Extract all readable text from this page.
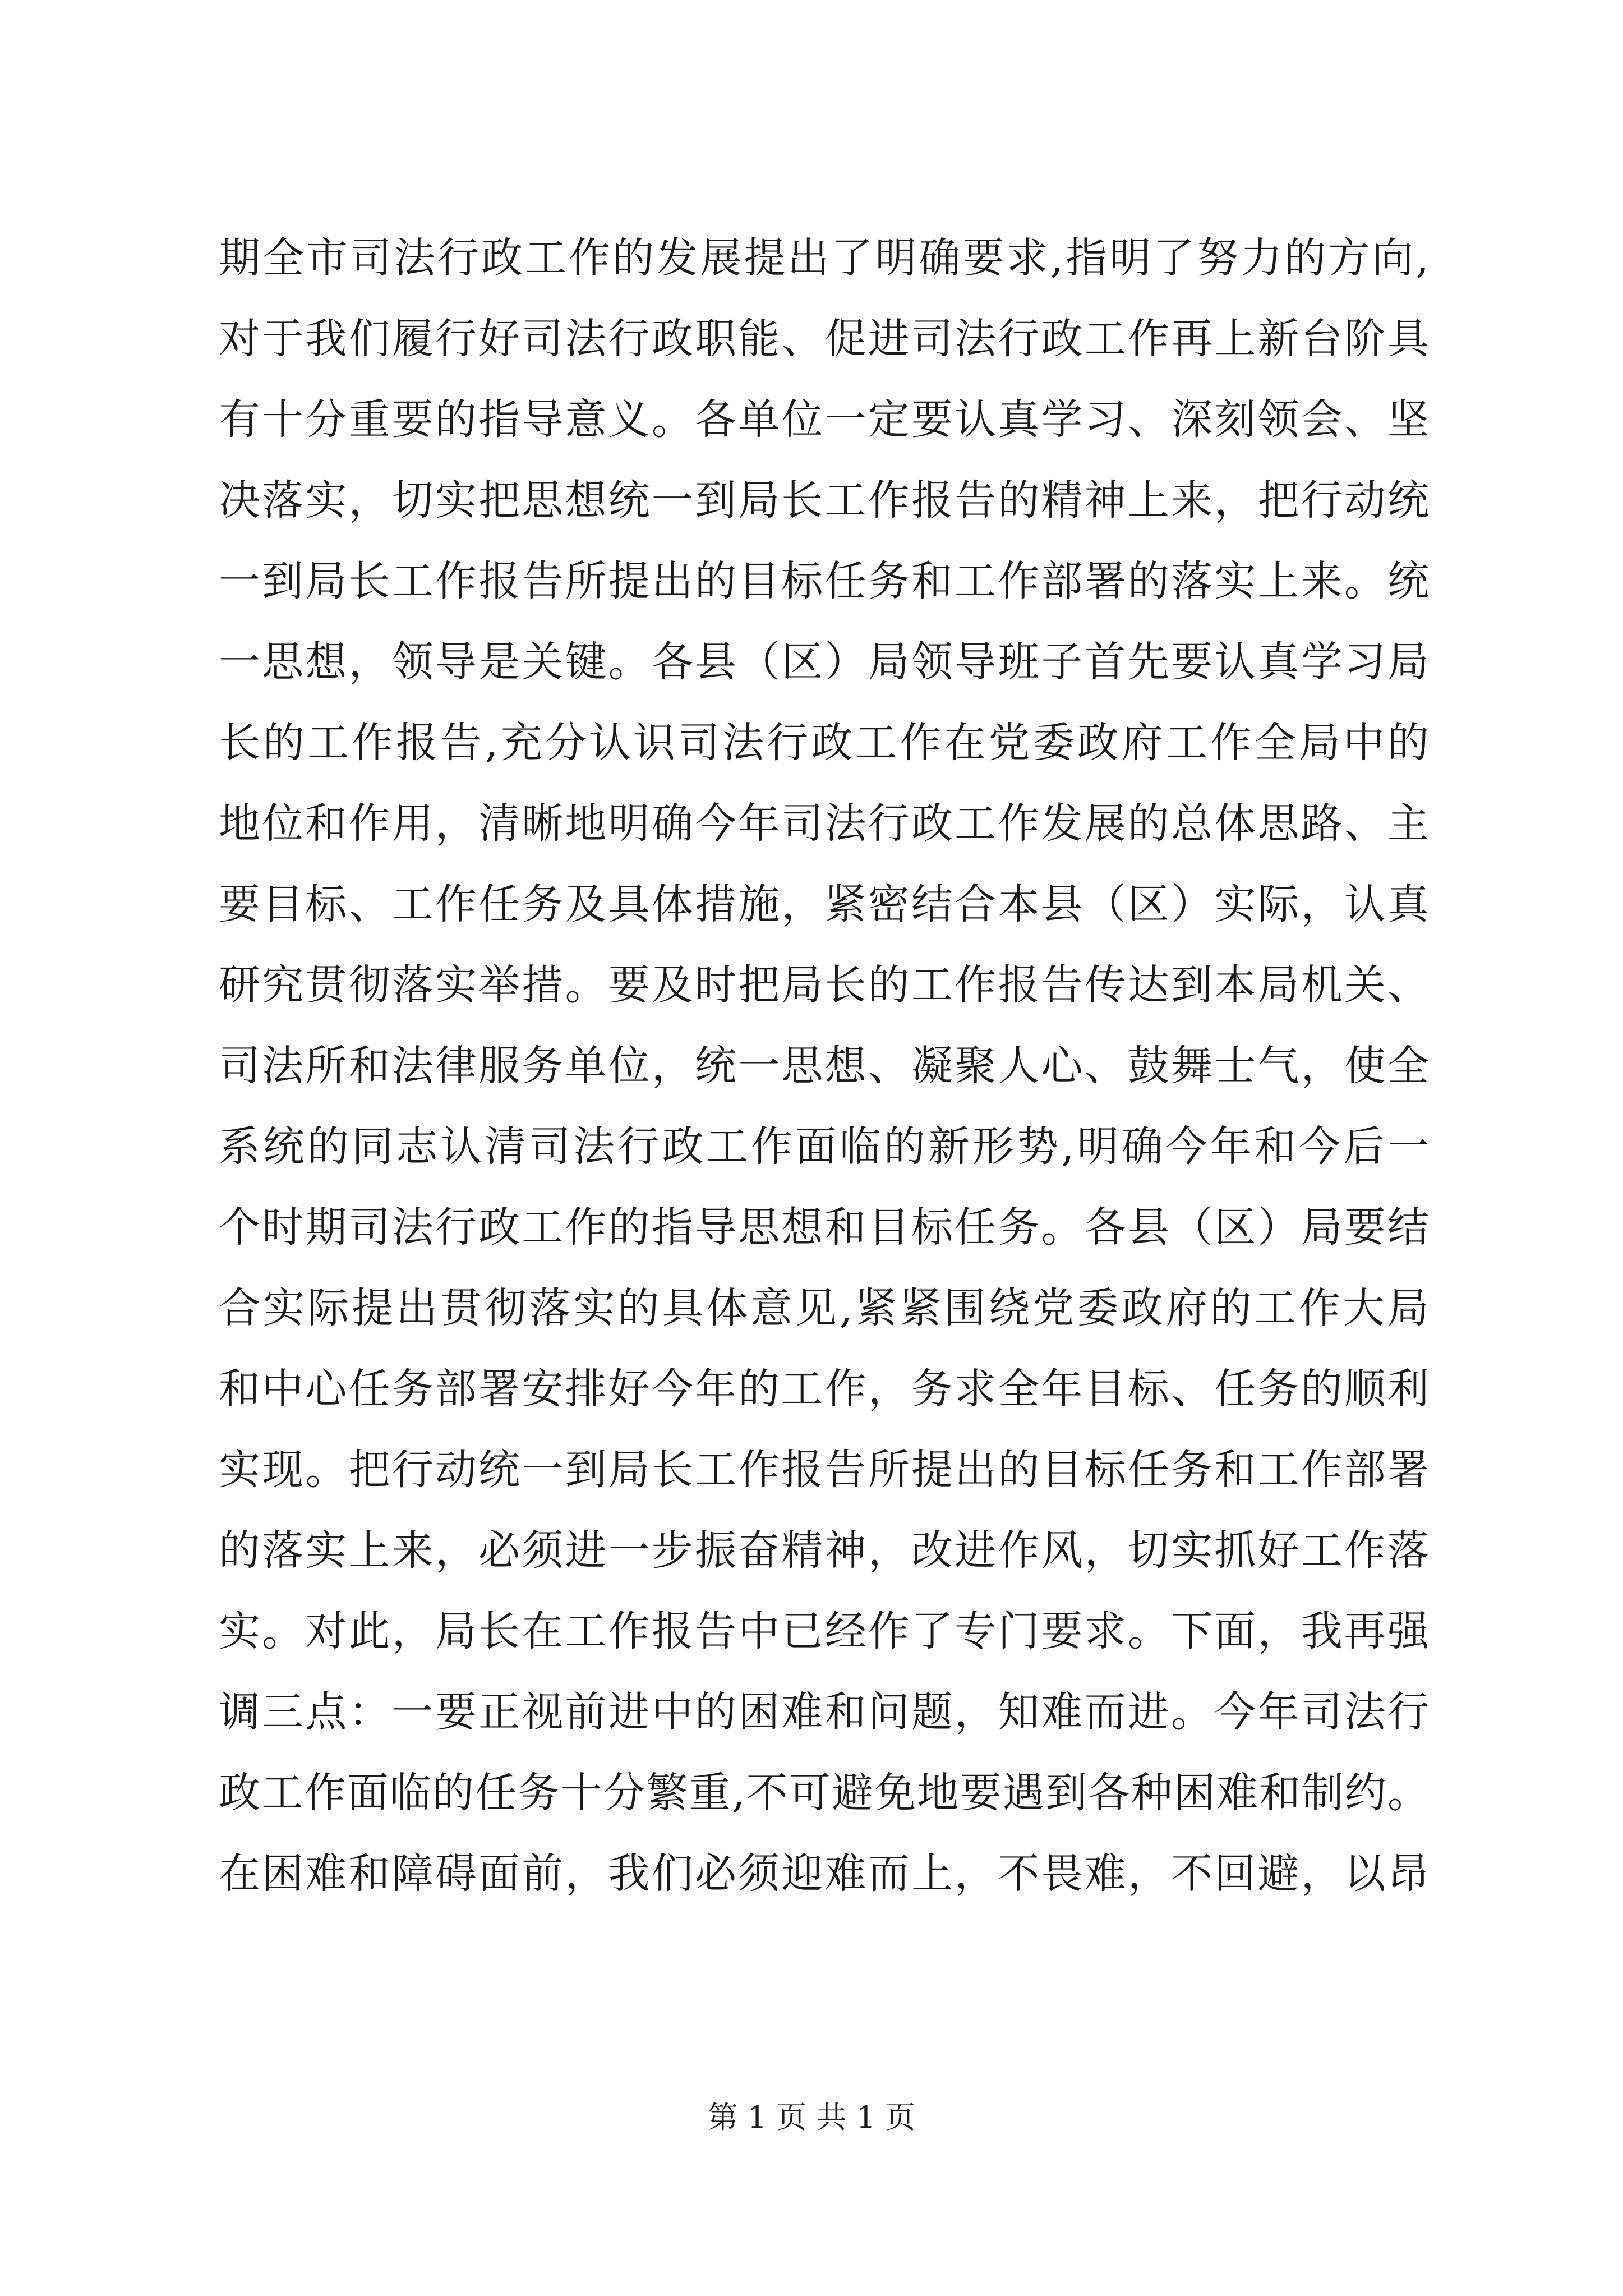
期全市司法行政工作的发展提出了明确要求,指明了努力的方向,
对于我们履行好司法行政职能、促进司法行政工作再上新台阶具
有十分重要的指导意义。各单位一定要认真学习、深刻领会、坚
决落实，切实把思想统一到局长工作报告的精神上来，把行动统
一到局长工作报告所提出的目标任务和工作部署的落实上来。统
一思想，领导是关键。各县（区）局领导班子首先要认真学习局
长的工作报告,充分认识司法行政工作在党委政府工作全局中的
地位和作用，清晰地明确今年司法行政工作发展的总体思路、主
要目标、工作任务及具体措施，紧密结合本县（区）实际，认真
研究贯彻落实举措。要及时把局长的工作报告传达到本局机关、
司法所和法律服务单位，统一思想、凝聚人心、鼓舞士气，使全
系统的同志认清司法行政工作面临的新形势,明确今年和今后一
个时期司法行政工作的指导思想和目标任务。各县（区）局要结
合实际提出贯彻落实的具体意见,紧紧围绕党委政府的工作大局
和中心任务部署安排好今年的工作，务求全年目标、任务的顺利
实现。把行动统一到局长工作报告所提出的目标任务和工作部署
的落实上来，必须进一步振奋精神，改进作风，切实抓好工作落
实。对此，局长在工作报告中已经作了专门要求。下面，我再强
调三点：一要正视前进中的困难和问题，知难而进。今年司法行
政工作面临的任务十分繁重,不可避免地要遇到各种困难和制约。
在困难和障碍面前，我们必须迎难而上，不畏难，不回避，以昂
第 1 页 共 1 页
